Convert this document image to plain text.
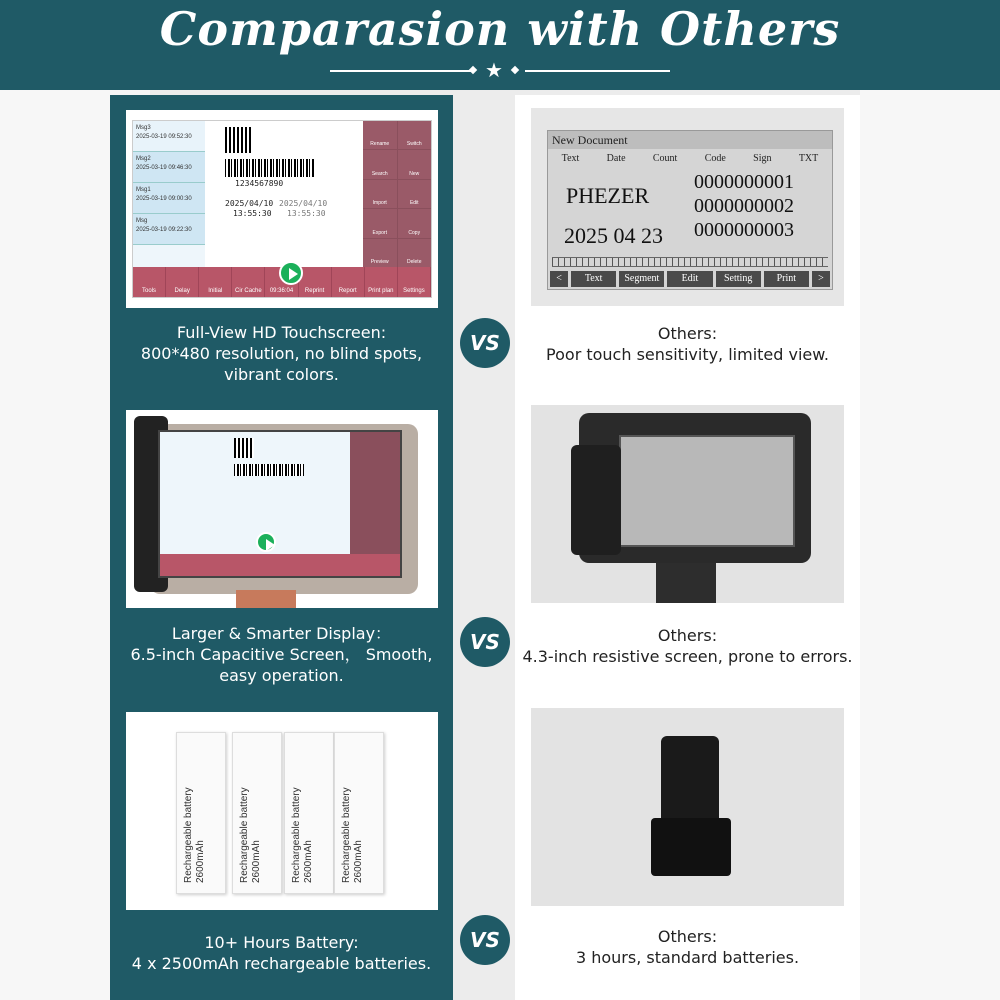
Comparasion with Others
★
Msg3
2025-03-19 09:52:30
Msg2
2025-03-19 09:46:30
Msg1
2025-03-19 09:00:30
Msg
2025-03-19 09:22:30
1234567890
2025/04/10
13:55:30
2025/04/10
13:55:30
Rename	Switch
Search	New
Import	Edit
Export	Copy
Preview	Delete
Tools	Delay	Initial	Cir Cache	09:36:04	Reprint	Report	Print plan	Settings
New Document
Text	Date	Count	Code	Sign	TXT
PHEZER
2025 04 23
0000000001
0000000002
0000000003
<	Text	Segment	Edit	Setting	Print	>
Full-View HD Touchscreen:
800*480 resolution, no blind spots,
vibrant colors.
VS	Others:
Poor touch sensitivity, limited view.
Larger & Smarter Display：
6.5-inch Capacitive Screen， Smooth,
easy operation.
VS	Others:
4.3-inch resistive screen, prone to errors.
Rechargeable battery 2600mAh	Rechargeable battery 2600mAh	Rechargeable battery 2600mAh	Rechargeable battery 2600mAh
10+ Hours Battery:
4 x 2500mAh rechargeable batteries.
VS	Others:
3 hours, standard batteries.
